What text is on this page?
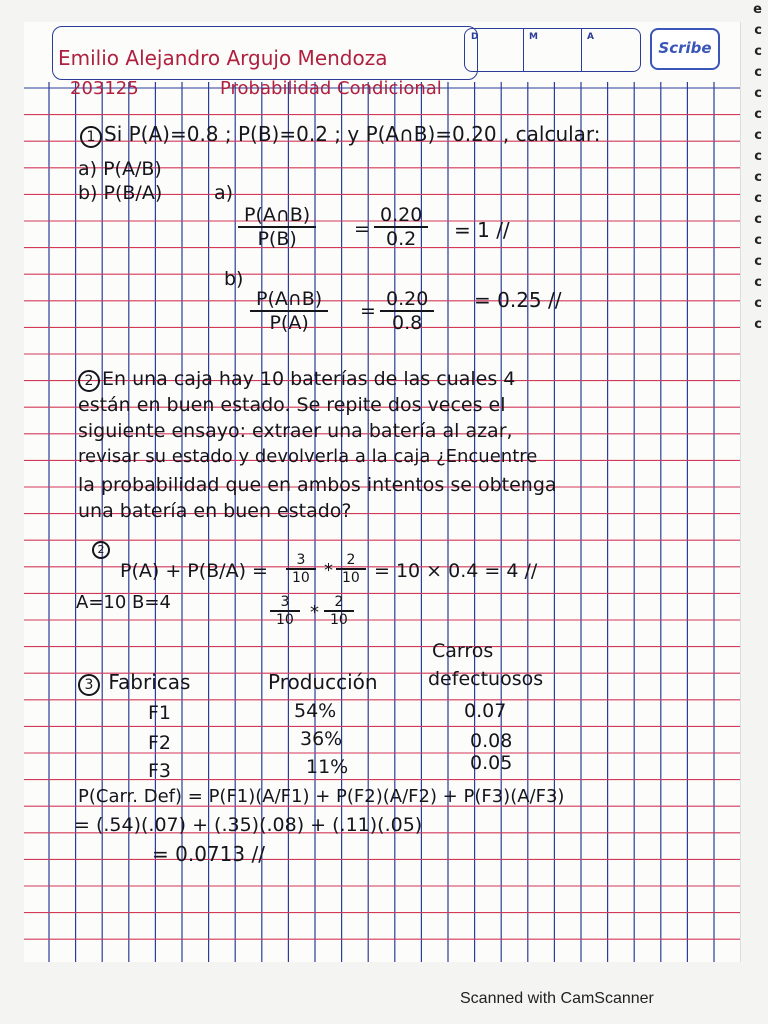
D	M	A
Scribe
Emilio Alejandro Argujo Mendoza
203125	Probabilidad Condicional
1 Si P(A)=0.8 ; P(B)=0.2 ; y P(A∩B)=0.20 , calcular:
a) P(A/B)
b) P(B/A)	a)
$\frac{P(A\cap B)}{P(B)} = \frac{0.20}{0.2} = 1$ //
b)
$\frac{P(A\cap B)}{P(A)} = \frac{0.20}{0.8} = 0.25$ //
2 En una caja hay 10 baterías de las cuales 4
están en buen estado. Se repite dos veces el
siguiente ensayo: extraer una batería al azar,
revisar su estado y devolverla a la caja ¿Encuentre
la probabilidad que en ambos intentos se obtenga
una batería en buen estado?
2
$P(A) + P(B/A) = \frac{3}{10} * \frac{2}{10} = 10 \times 0.4 = 4$ //
A=10 B=4	$\frac{3}{10} * \frac{2}{10}$
Carros
3 Fabricas	Producción	defectuosos
F1	54%	0.07
F2	36%	0.08
F3	11%	0.05
P(Carr. Def) = P(F1)(A/F1) + P(F2)(A/F2) + P(F3)(A/F3)
= (.54)(.07) + (.35)(.08) + (.11)(.05)
= 0.0713 //
Scanned with CamScanner
e
c
c
c
c
c
c
c
c
c
c
c
c
c
c
c
